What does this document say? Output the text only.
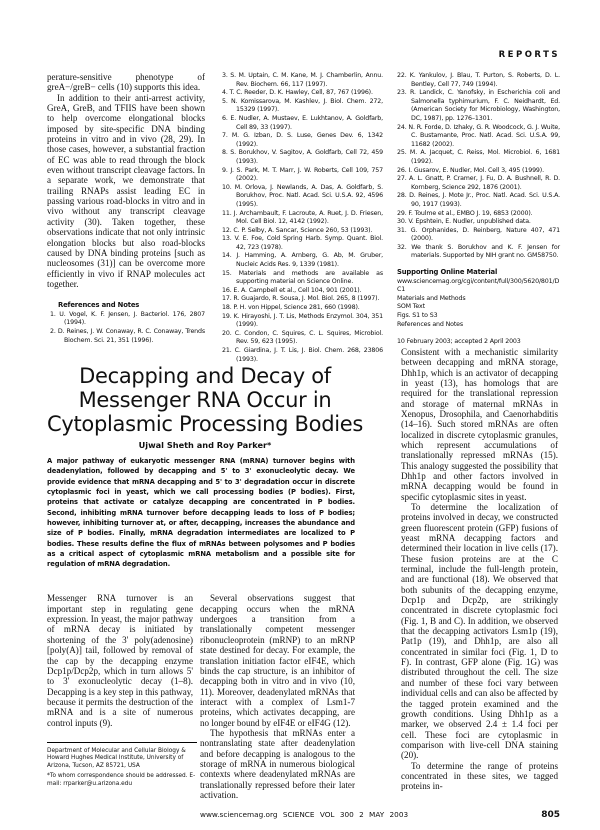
REPORTS

perature-sensitive phenotype of greA−/greB− cells (10) supports this idea.

In addition to their anti-arrest activity, GreA, GreB, and TFIIS have been shown to help overcome elongational blocks imposed by site-specific DNA binding proteins in vitro and in vivo (28, 29). In those cases, however, a substantial fraction of EC was able to read through the block even without transcript cleavage factors. In a separate work, we demonstrate that trailing RNAPs assist leading EC in passing various road-blocks in vitro and in vivo without any transcript cleavage activity (30). Taken together, these observations indicate that not only intrinsic elongation blocks but also road-blocks caused by DNA binding proteins [such as nucleosomes (31)] can be overcome more efficiently in vivo if RNAP molecules act together.

References and Notes
1. U. Vogel, K. F. Jensen, J. Bacteriol. 176, 2807 (1994).
2. D. Reines, J. W. Conaway, R. C. Conaway, Trends Biochem. Sci. 21, 351 (1996).
3. S. M. Uptain, C. M. Kane, M. J. Chamberlin, Annu. Rev. Biochem. 66, 117 (1997).
4. T. C. Reeder, D. K. Hawley, Cell, 87, 767 (1996).
5. N. Komissarova, M. Kashlev, J. Biol. Chem. 272, 15329 (1997).
6. E. Nudler, A. Mustaev, E. Lukhtanov, A. Goldfarb, Cell 89, 33 (1997).
7. M. G. Izban, D. S. Luse, Genes Dev. 6, 1342 (1992).
8. S. Borukhov, V. Sagitov, A. Goldfarb, Cell 72, 459 (1993).
9. J. S. Park, M. T. Marr, J. W. Roberts, Cell 109, 757 (2002).
10. M. Orlova, J. Newlands, A. Das, A. Goldfarb, S. Borukhov, Proc. Natl. Acad. Sci. U.S.A. 92, 4596 (1995).
11. J. Archambault, F. Lacroute, A. Ruet, J. D. Friesen, Mol. Cell Biol. 12, 4142 (1992).
12. C. P. Selby, A. Sancar, Science 260, 53 (1993).
13. V. E. Foe, Cold Spring Harb. Symp. Quant. Biol. 42, 723 (1978).
14. J. Hamming, A. Arnberg, G. Ab, M. Gruber, Nucleic Acids Res. 9, 1339 (1981).
15. Materials and methods are available as supporting material on Science Online.
16. E. A. Campbell et al., Cell 104, 901 (2001).
17. R. Guajardo, R. Sousa, J. Mol. Biol. 265, 8 (1997).
18. P. H. von Hippel, Science 281, 660 (1998).
19. K. Hirayoshi, J. T. Lis, Methods Enzymol. 304, 351 (1999).
20. C. Condon, C. Squires, C. L. Squires, Microbiol. Rev. 59, 623 (1995).
21. C. Giardina, J. T. Lis, J. Biol. Chem. 268, 23806 (1993).
Decapping and Decay of Messenger RNA Occur in Cytoplasmic Processing Bodies
Ujwal Sheth and Roy Parker*
A major pathway of eukaryotic messenger RNA (mRNA) turnover begins with deadenylation, followed by decapping and 5' to 3' exonucleolytic decay. We provide evidence that mRNA decapping and 5' to 3' degradation occur in discrete cytoplasmic foci in yeast, which we call processing bodies (P bodies). First, proteins that activate or catalyze decapping are concentrated in P bodies. Second, inhibiting mRNA turnover before decapping leads to loss of P bodies; however, inhibiting turnover at, or after, decapping, increases the abundance and size of P bodies. Finally, mRNA degradation intermediates are localized to P bodies. These results define the flux of mRNAs between polysomes and P bodies as a critical aspect of cytoplasmic mRNA metabolism and a possible site for regulation of mRNA degradation.

Messenger RNA turnover is an important step in regulating gene expression. In yeast, the major pathway of mRNA decay is initiated by shortening of the 3' poly(adenosine) [poly(A)] tail, followed by removal of the cap by the decapping enzyme Dcp1p/Dcp2p, which in turn allows 5' to 3' exonucleolytic decay (1–8). Decapping is a key step in this pathway, because it permits the destruction of the mRNA and is a site of numerous control inputs (9).

Department of Molecular and Cellular Biology & Howard Hughes Medical Institute, University of Arizona, Tucson, AZ 85721, USA

*To whom correspondence should be addressed. E-mail: rrparker@u.arizona.edu

Several observations suggest that decapping occurs when the mRNA undergoes a transition from a translationally competent messenger ribonucleoprotein (mRNP) to an mRNP state destined for decay. For example, the translation initiation factor eIF4E, which binds the cap structure, is an inhibitor of decapping both in vitro and in vivo (10, 11). Moreover, deadenylated mRNAs that interact with a complex of Lsm1-7 proteins, which activates decapping, are no longer bound by eIF4E or eIF4G (12).

The hypothesis that mRNAs enter a nontranslating state after deadenylation and before decapping is analogous to the storage of mRNA in numerous biological contexts where deadenylated mRNAs are translationally repressed before their later activation.

22. K. Yankulov, J. Blau, T. Purton, S. Roberts, D. L. Bentley, Cell 77, 749 (1994).
23. R. Landick, C. Yanofsky, in Escherichia coli and Salmonella typhimurium, F. C. Neidhardt, Ed. (American Society for Microbiology, Washington, DC, 1987), pp. 1276–1301.
24. N. R. Forde, D. Izhaky, G. R. Woodcock, G. J. Wuite, C. Bustamante, Proc. Natl. Acad. Sci. U.S.A. 99, 11682 (2002).
25. M. A. Jacquet, C. Reiss, Mol. Microbiol. 6, 1681 (1992).
26. I. Gusarov, E. Nudler, Mol. Cell 3, 495 (1999).
27. A. L. Gnatt, P. Cramer, J. Fu, D. A. Bushnell, R. D. Kornberg, Science 292, 1876 (2001).
28. D. Reines, J. Mote Jr., Proc. Natl. Acad. Sci. U.S.A. 90, 1917 (1993).
29. F. Toulme et al., EMBO J. 19, 6853 (2000).
30. V. Epshtein, E. Nudler, unpublished data.
31. G. Orphanides, D. Reinberg, Nature 407, 471 (2000).
32. We thank S. Borukhov and K. F. Jensen for materials. Supported by NIH grant no. GM58750.
Supporting Online Material
www.sciencemag.org/cgi/content/full/300/5620/801/DC1
Materials and Methods
SOM Text
Figs. S1 to S3
References and Notes
10 February 2003; accepted 2 April 2003

Consistent with a mechanistic similarity between decapping and mRNA storage, Dhh1p, which is an activator of decapping in yeast (13), has homologs that are required for the translational repression and storage of maternal mRNAs in Xenopus, Drosophila, and Caenorhabditis (14–16). Such stored mRNAs are often localized in discrete cytoplasmic granules, which represent accumulations of translationally repressed mRNAs (15). This analogy suggested the possibility that Dhh1p and other factors involved in mRNA decapping would be found in specific cytoplasmic sites in yeast.

To determine the localization of proteins involved in decay, we constructed green fluorescent protein (GFP) fusions of yeast mRNA decapping factors and determined their location in live cells (17). These fusion proteins are at the C terminal, include the full-length protein, and are functional (18). We observed that both subunits of the decapping enzyme, Dcp1p and Dcp2p, are strikingly concentrated in discrete cytoplasmic foci (Fig. 1, B and C). In addition, we observed that the decapping activators Lsm1p (19), Pat1p (19), and Dhh1p, are also all concentrated in similar foci (Fig. 1, D to F). In contrast, GFP alone (Fig. 1G) was distributed throughout the cell. The size and number of these foci vary between individual cells and can also be affected by the tagged protein examined and the growth conditions. Using Dhh1p as a marker, we observed 2.4 ± 1.4 foci per cell. These foci are cytoplasmic in comparison with live-cell DNA staining (20).

To determine the range of proteins concentrated in these sites, we tagged proteins in-

www.sciencemag.org SCIENCE VOL 300 2 MAY 2003	805
